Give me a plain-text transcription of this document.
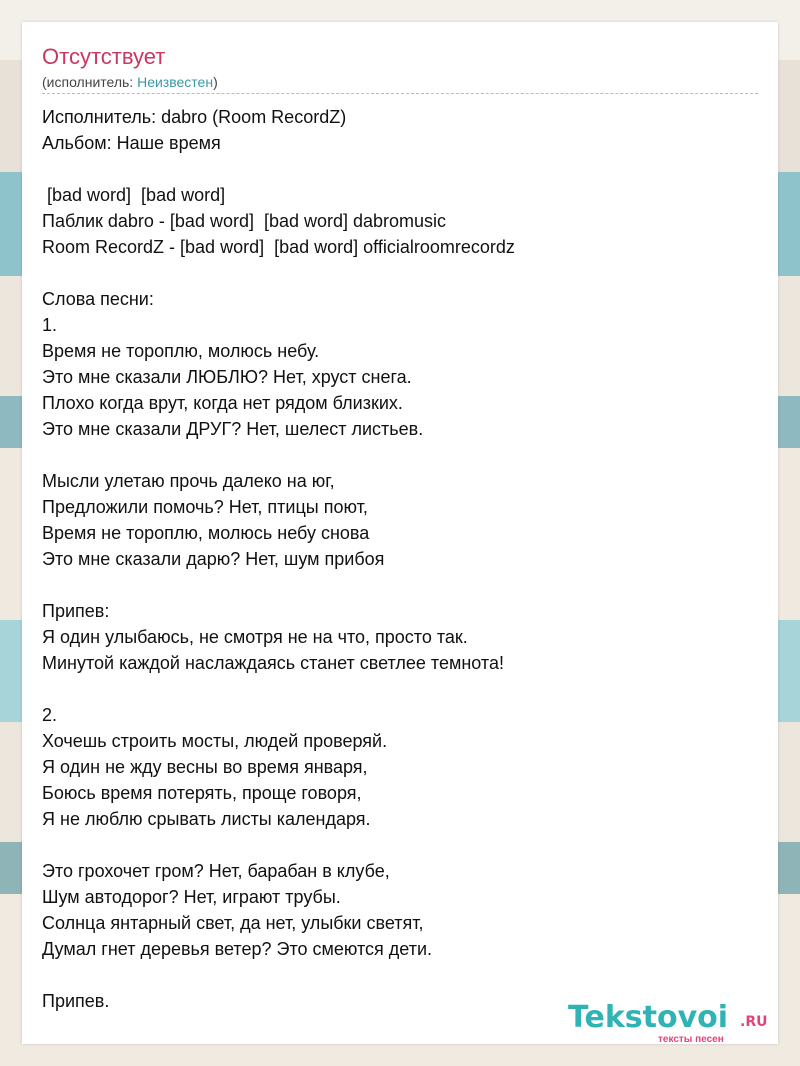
Отсутствует
(исполнитель: Неизвестен)
Исполнитель: dabro (Room RecordZ)
Альбом: Наше время
[bad word]  [bad word]
Паблик dabro - [bad word]  [bad word] dabromusic
Room RecordZ - [bad word]  [bad word] officialroomrecordz
Слова песни:
1.
Время не тороплю, молюсь небу.
Это мне сказали ЛЮБЛЮ? Нет, хруст снега.
Плохо когда врут, когда нет рядом близких.
Это мне сказали ДРУГ? Нет, шелест листьев.
Мысли улетаю прочь далеко на юг,
Предложили помочь? Нет, птицы поют,
Время не тороплю, молюсь небу снова
Это мне сказали дарю? Нет, шум прибоя
Припев:
Я один улыбаюсь, не смотря не на что, просто так.
Минутой каждой наслаждаясь станет светлее темнота!
2.
Хочешь строить мосты, людей проверяй.
Я один не жду весны во время января,
Боюсь время потерять, проще говоря,
Я не люблю срывать листы календаря.
Это грохочет гром? Нет, барабан в клубе,
Шум автодорог? Нет, играют трубы.
Солнца янтарный свет, да нет, улыбки светят,
Думал гнет деревья ветер? Это смеются дети.
Припев.	Tekstovoi .RU
тексты песен
